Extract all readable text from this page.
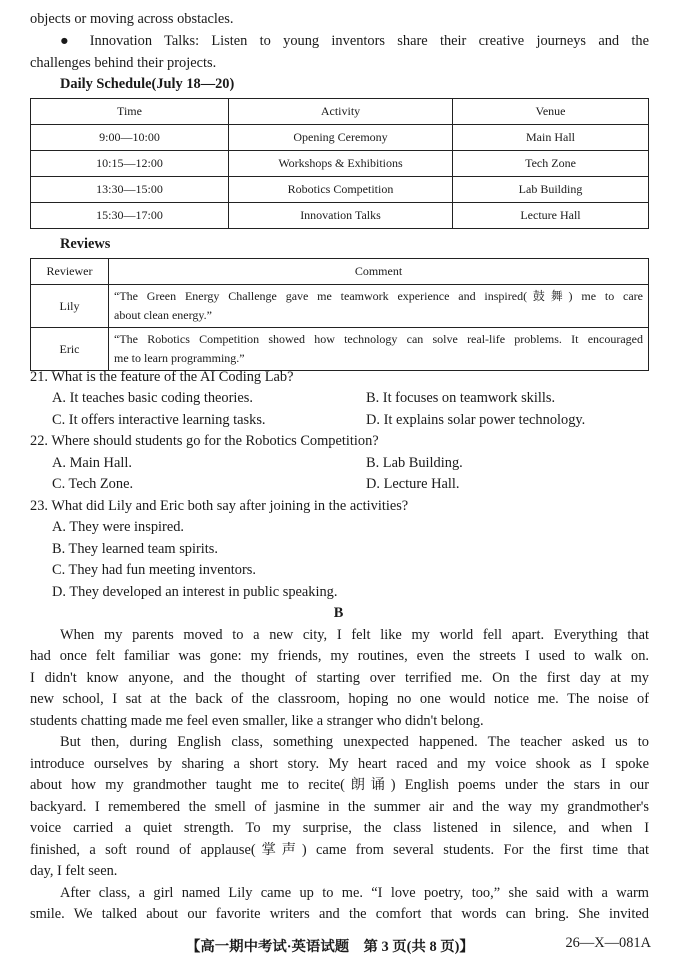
objects or moving across obstacles.
● Innovation Talks: Listen to young inventors share their creative journeys and the
challenges behind their projects.
Daily Schedule(July 18—20)
Time	Activity	Venue
9:00—10:00	Opening Ceremony	Main Hall
10:15—12:00	Workshops & Exhibitions	Tech Zone
13:30—15:00	Robotics Competition	Lab Building
15:30—17:00	Innovation Talks	Lecture Hall
Reviews
Reviewer	Comment
Lily	“The Green Energy Challenge gave me teamwork experience and inspired(鼓舞) me to care
about clean energy.”

Eric	“The Robotics Competition showed how technology can solve real-life problems. It encouraged
me to learn programming.”
21. What is the feature of the AI Coding Lab?
A. It teaches basic coding theories.	B. It focuses on teamwork skills.
C. It offers interactive learning tasks.	D. It explains solar power technology.
22. Where should students go for the Robotics Competition?
A. Main Hall.	B. Lab Building.
C. Tech Zone.	D. Lecture Hall.
23. What did Lily and Eric both say after joining in the activities?
A. They were inspired.
B. They learned team spirits.
C. They had fun meeting inventors.
D. They developed an interest in public speaking.
B
When my parents moved to a new city, I felt like my world fell apart. Everything that
had once felt familiar was gone: my friends, my routines, even the streets I used to walk on.
I didn't know anyone, and the thought of starting over terrified me. On the first day at my
new school, I sat at the back of the classroom, hoping no one would notice me. The noise of
students chatting made me feel even smaller, like a stranger who didn't belong.
But then, during English class, something unexpected happened. The teacher asked us to
introduce ourselves by sharing a short story. My heart raced and my voice shook as I spoke
about how my grandmother taught me to recite(朗诵) English poems under the stars in our
backyard. I remembered the smell of jasmine in the summer air and the way my grandmother's
voice carried a quiet strength. To my surprise, the class listened in silence, and when I
finished, a soft round of applause(掌声) came from several students. For the first time that
day, I felt seen.
After class, a girl named Lily came up to me. “I love poetry, too,” she said with a warm
smile. We talked about our favorite writers and the comfort that words can bring. She invited
【高一期中考试·英语试题　第 3 页(共 8 页)】	26—X—081A
